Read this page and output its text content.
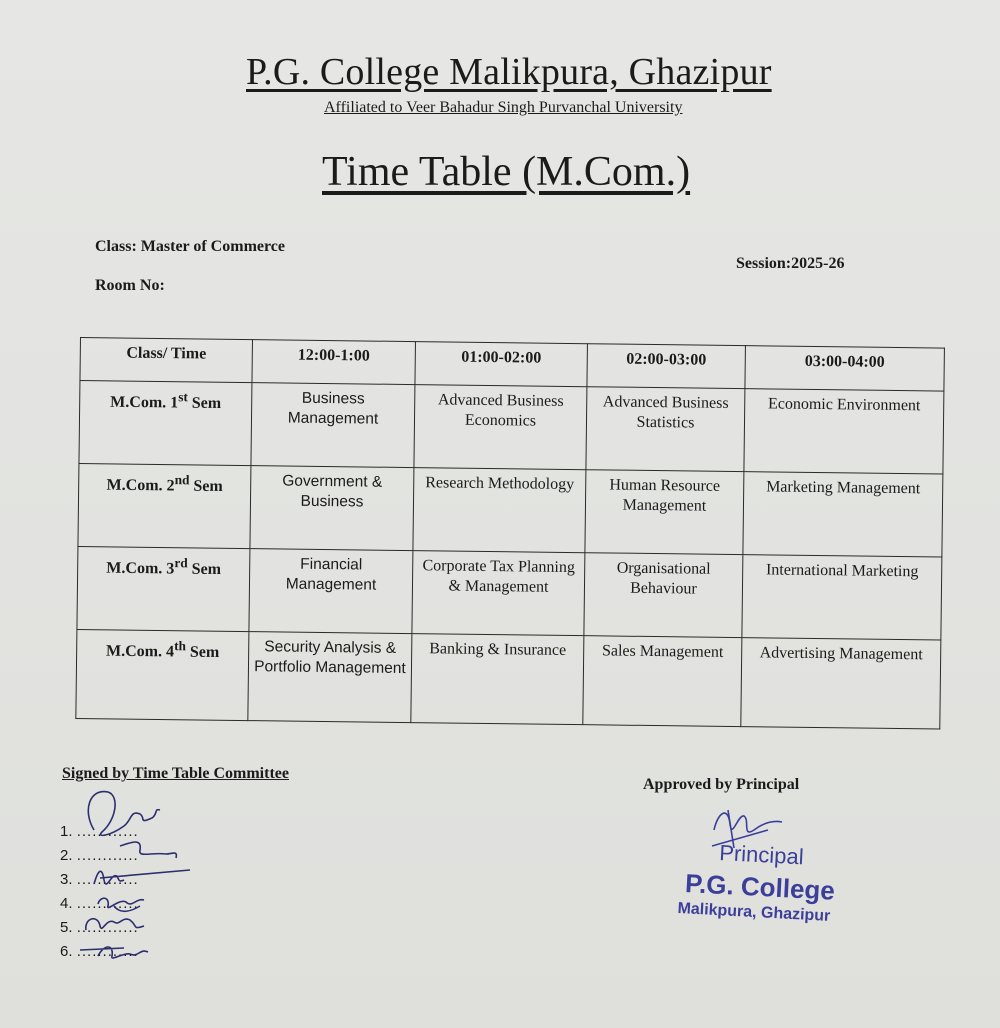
P.G. College Malikpura, Ghazipur
Affiliated to Veer Bahadur Singh Purvanchal University
Time Table (M.Com.)
Class: Master of Commerce
Room No:
Session:2025-26
Class/ Time	12:00-1:00	01:00-02:00	02:00-03:00	03:00-04:00
M.Com. 1st Sem	Business Management	Advanced Business Economics	Advanced Business Statistics	Economic Environment
M.Com. 2nd Sem	Government & Business	Research Methodology	Human Resource Management	Marketing Management
M.Com. 3rd Sem	Financial Management	Corporate Tax Planning & Management	Organisational Behaviour	International Marketing
M.Com. 4th Sem	Security Analysis & Portfolio Management	Banking & Insurance	Sales Management	Advertising Management
Signed by Time Table Committee
Approved by Principal
1. ............
2. ............
3. ............
4. ............
5. ............
6. ............
Principal
P.G. College
Malikpura, Ghazipur
